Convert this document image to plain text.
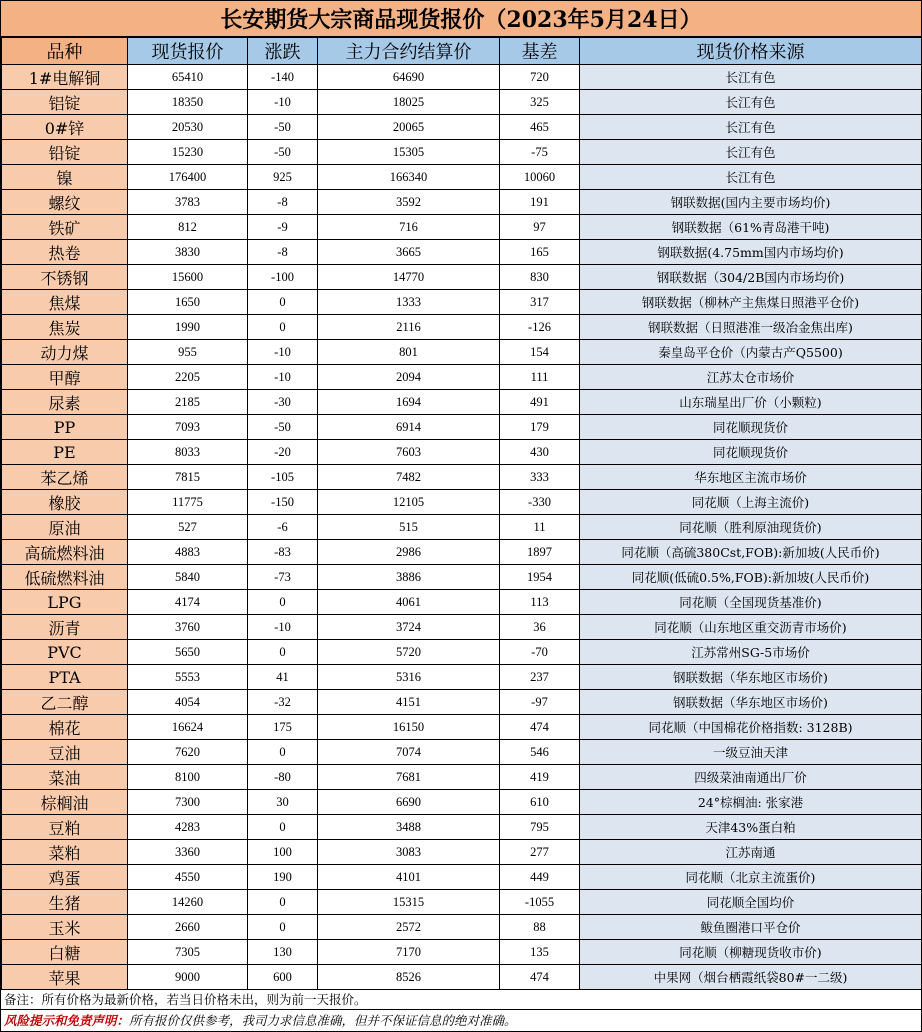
长安期货大宗商品现货报价（2023年5月24日）
品种	现货报价	涨跌	主力合约结算价	基差	现货价格来源
1#电解铜	65410	-140	64690	720	长江有色
铝锭	18350	-10	18025	325	长江有色
0#锌	20530	-50	20065	465	长江有色
铅锭	15230	-50	15305	-75	长江有色
镍	176400	925	166340	10060	长江有色
螺纹	3783	-8	3592	191	钢联数据(国内主要市场均价)
铁矿	812	-9	716	97	钢联数据（61%青岛港干吨)
热卷	3830	-8	3665	165	钢联数据(4.75mm国内市场均价)
不锈钢	15600	-100	14770	830	钢联数据（304/2B国内市场均价)
焦煤	1650	0	1333	317	钢联数据（柳林产主焦煤日照港平仓价)
焦炭	1990	0	2116	-126	钢联数据（日照港准一级冶金焦出库)
动力煤	955	-10	801	154	秦皇岛平仓价（内蒙古产Q5500)
甲醇	2205	-10	2094	111	江苏太仓市场价
尿素	2185	-30	1694	491	山东瑞星出厂价（小颗粒)
PP	7093	-50	6914	179	同花顺现货价
PE	8033	-20	7603	430	同花顺现货价
苯乙烯	7815	-105	7482	333	华东地区主流市场价
橡胶	11775	-150	12105	-330	同花顺（上海主流价)
原油	527	-6	515	11	同花顺（胜利原油现货价)
高硫燃料油	4883	-83	2986	1897	同花顺（高硫380Cst,FOB):新加坡(人民币价)
低硫燃料油	5840	-73	3886	1954	同花顺(低硫0.5%,FOB):新加坡(人民币价)
LPG	4174	0	4061	113	同花顺（全国现货基准价)
沥青	3760	-10	3724	36	同花顺（山东地区重交沥青市场价)
PVC	5650	0	5720	-70	江苏常州SG-5市场价
PTA	5553	41	5316	237	钢联数据（华东地区市场价)
乙二醇	4054	-32	4151	-97	钢联数据（华东地区市场价)
棉花	16624	175	16150	474	同花顺（中国棉花价格指数: 3128B)
豆油	7620	0	7074	546	一级豆油天津
菜油	8100	-80	7681	419	四级菜油南通出厂价
棕榈油	7300	30	6690	610	24°棕榈油: 张家港
豆粕	4283	0	3488	795	天津43%蛋白粕
菜粕	3360	100	3083	277	江苏南通
鸡蛋	4550	190	4101	449	同花顺（北京主流蛋价)
生猪	14260	0	15315	-1055	同花顺全国均价
玉米	2660	0	2572	88	鲅鱼圈港口平仓价
白糖	7305	130	7170	135	同花顺（柳糖现货收市价)
苹果	9000	600	8526	474	中果网（烟台栖霞纸袋80#一二级)
备注：所有价格为最新价格，若当日价格未出，则为前一天报价。
风险提示和免责声明：所有报价仅供参考，我司力求信息准确，但并不保证信息的绝对准确。
